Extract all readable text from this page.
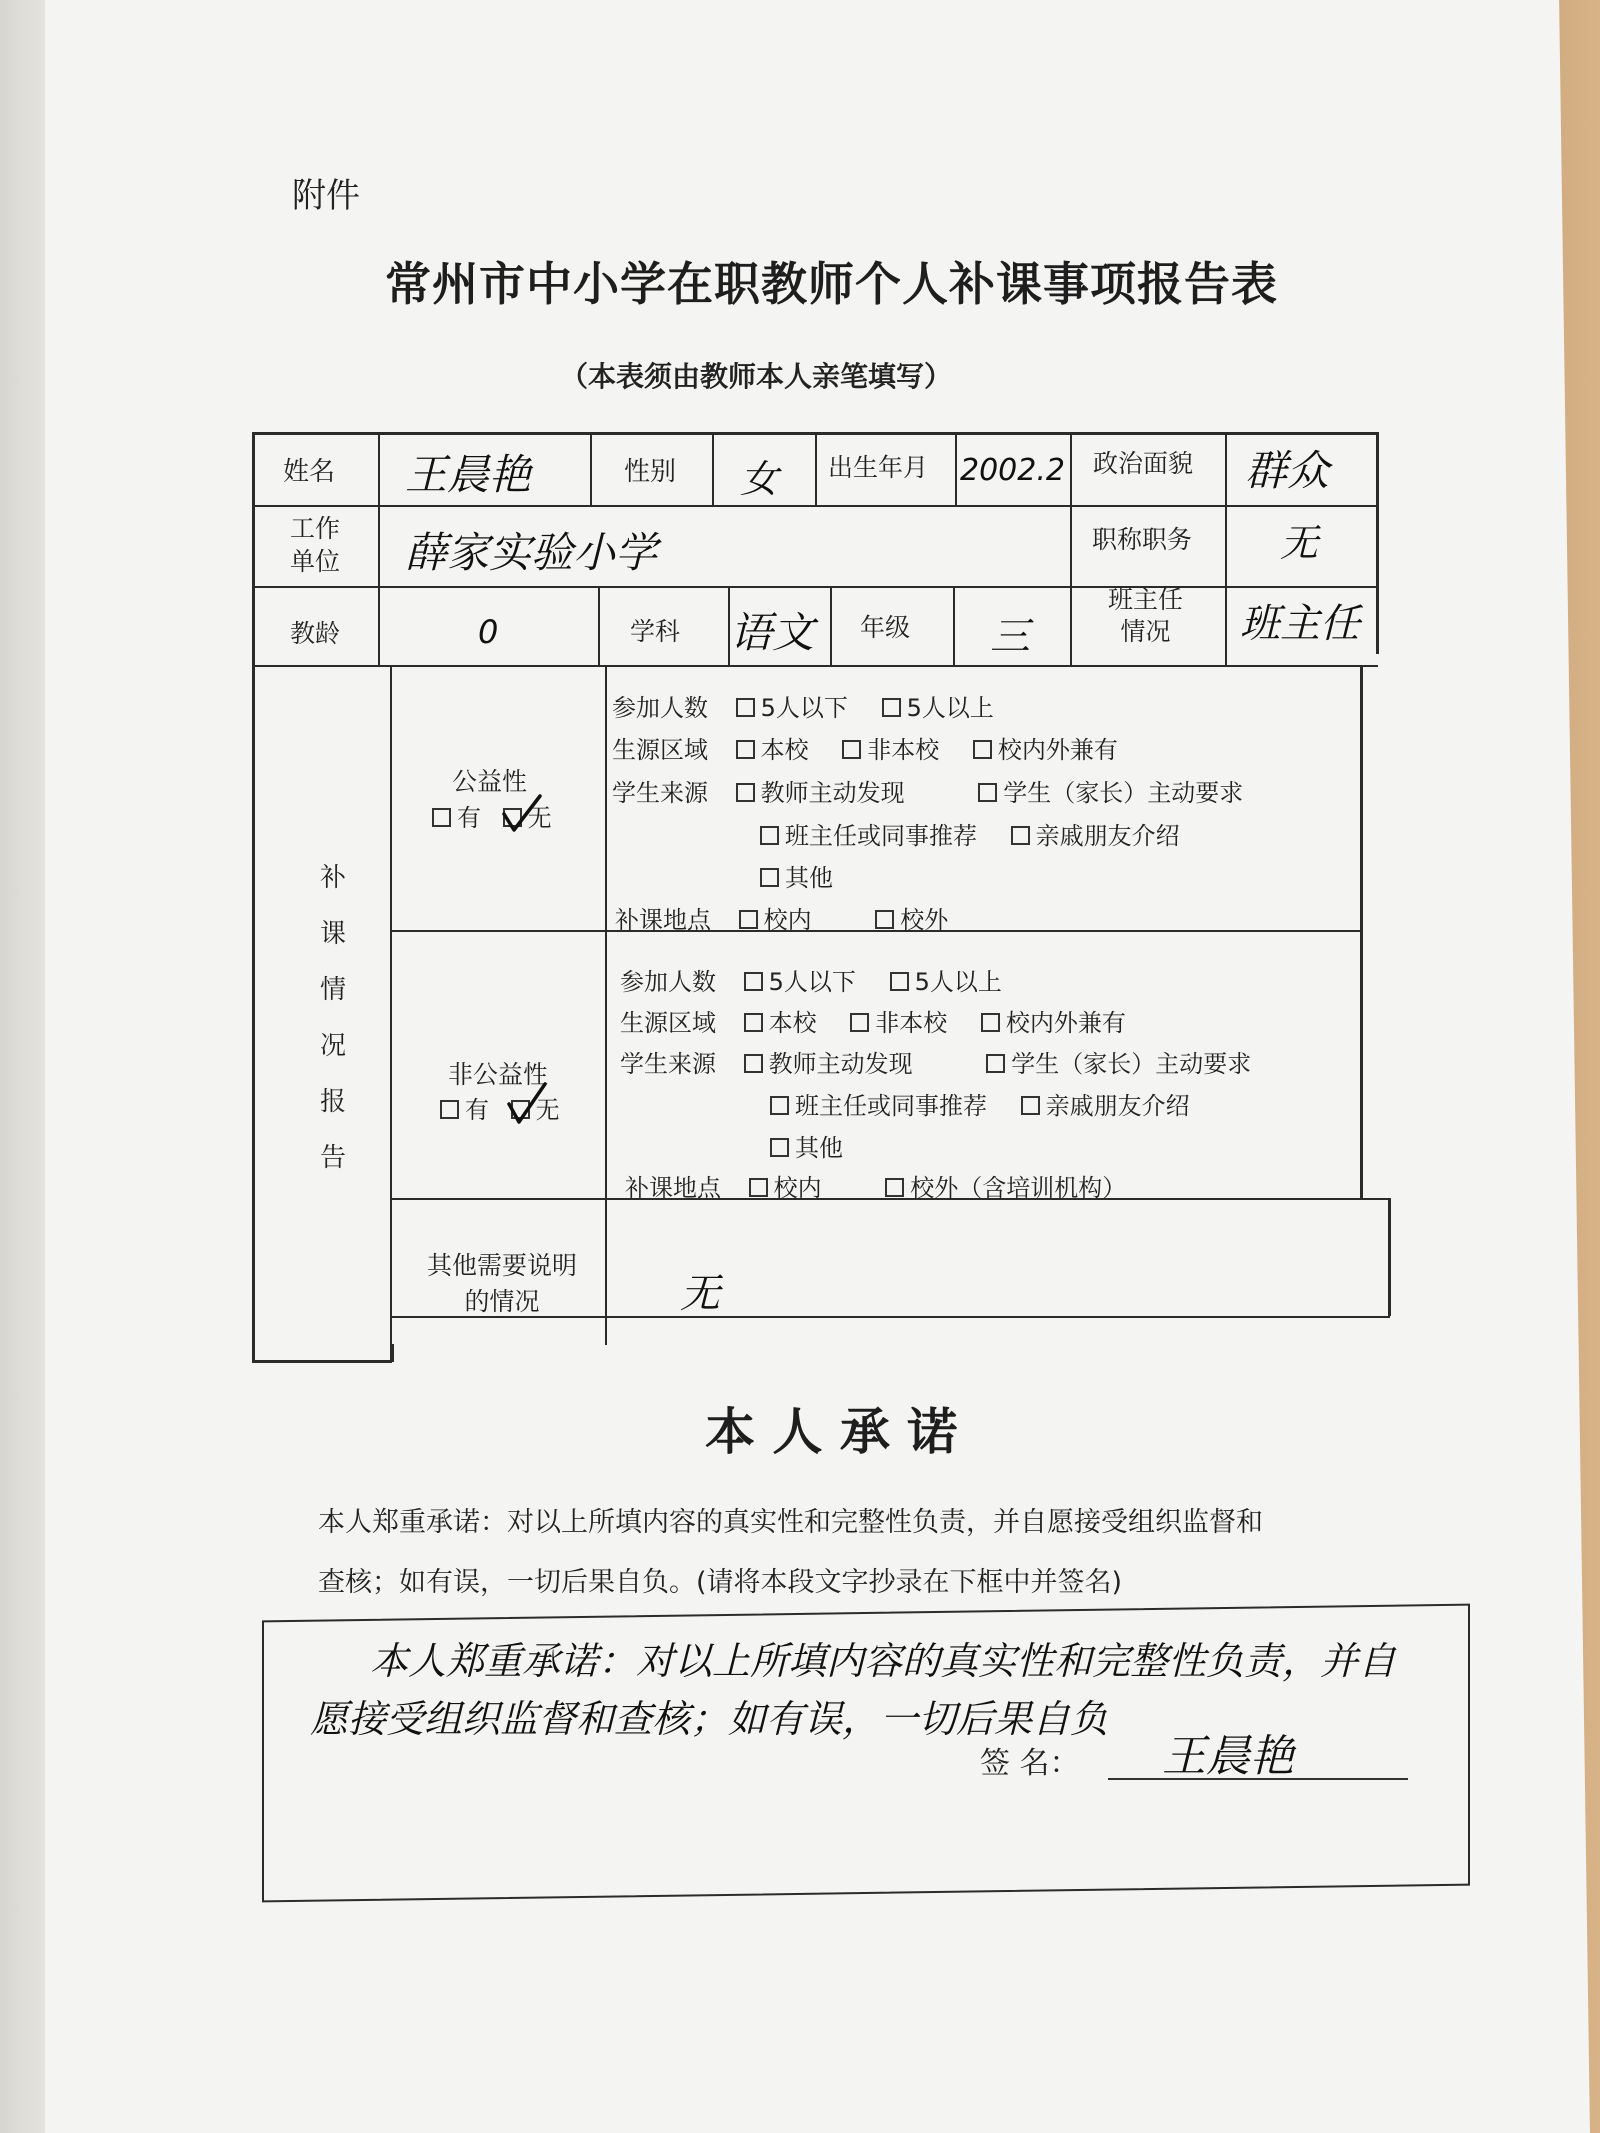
附件
常州市中小学在职教师个人补课事项报告表
（本表须由教师本人亲笔填写）
姓名 王晨艳	性别 女 出生年月 2002.2 政治面貌 群众
工作
单位 薛家实验小学	职称职务 无
教龄	0	学科 语文 年级 三
班主任
情况	班主任
补
课
情
况
报
告
公益性
有 无
参加人数 5人以下 5人以上
生源区域 本校 非本校 校内外兼有
学生来源 教师主动发现	学生（家长）主动要求
班主任或同事推荐 亲戚朋友介绍
其他
补课地点 校内	校外
非公益性
有 无
参加人数 5人以下 5人以上
生源区域 本校 非本校 校内外兼有
学生来源 教师主动发现	学生（家长）主动要求
班主任或同事推荐 亲戚朋友介绍
其他
补课地点 校内	校外（含培训机构）
其他需要说明
的情况	无
本 人 承 诺
本人郑重承诺：对以上所填内容的真实性和完整性负责，并自愿接受组织监督和
查核；如有误，一切后果自负。(请将本段文字抄录在下框中并签名)
本人郑重承诺：对以上所填内容的真实性和完整性负责，并自
愿接受组织监督和查核；如有误，一切后果自负
签 名： 王晨艳
